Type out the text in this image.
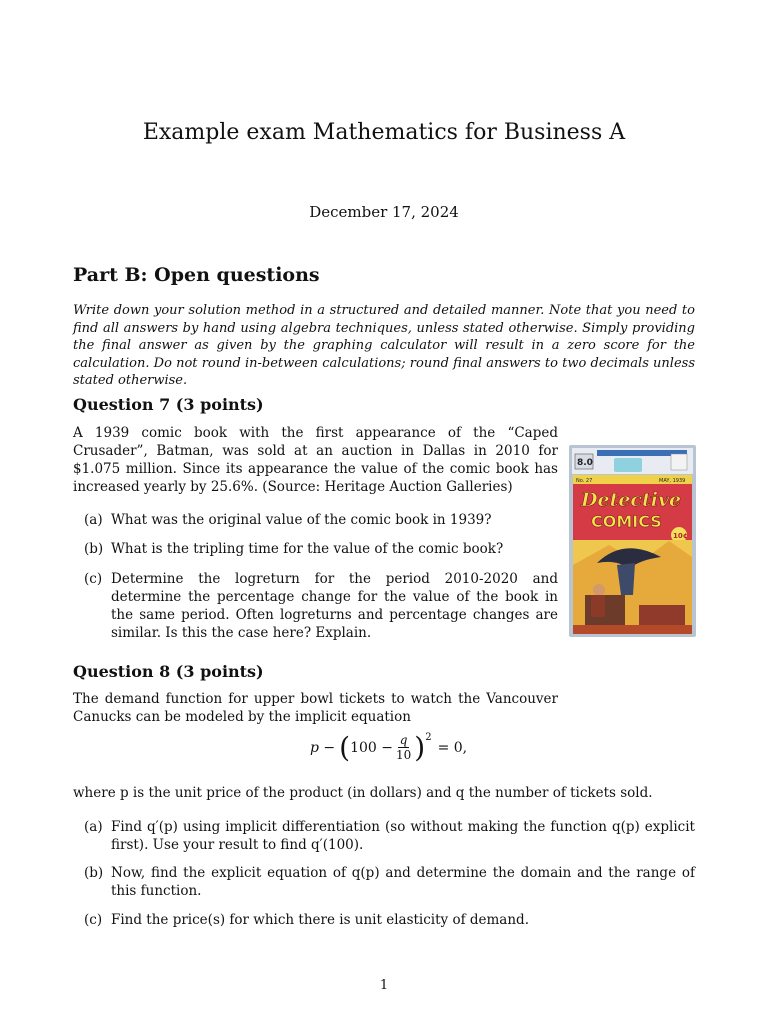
Example exam Mathematics for Business A
December 17, 2024
Part B: Open questions
Write down your solution method in a structured and detailed manner. Note that you need to find all answers by hand using algebra techniques, unless stated otherwise. Simply providing the final answer as given by the graphing calculator will result in a zero score for the calculation. Do not round in-between calculations; round final answers to two decimals unless stated otherwise.
Question 7 (3 points)
A 1939 comic book with the first appearance of the “Caped Crusader”, Batman, was sold at an auction in Dallas in 2010 for $1.075 million. Since its appearance the value of the comic book has increased yearly by 25.6%. (Source: Heritage Auction Galleries)
(a) What was the original value of the comic book in 1939?
(b) What is the tripling time for the value of the comic book?
(c) Determine the logreturn for the period 2010-2020 and determine the percentage change for the value of the book in the same period. Often logreturns and percentage changes are similar. Is this the case here? Explain.
8.0
No. 27	MAY, 1939
Detective
COMICS
10¢
Question 8 (3 points)
The demand function for upper bowl tickets to watch the Vancouver Canucks can be modeled by the implicit equation
p − ( $100 - \frac{q}{10} )^2$
= 0,
where p is the unit price of the product (in dollars) and q the number of tickets sold.
(a) Find q′(p) using implicit differentiation (so without making the function q(p) explicit first). Use your result to find q′(100).
(b) Now, find the explicit equation of q(p) and determine the domain and the range of this function.
(c) Find the price(s) for which there is unit elasticity of demand.
1
